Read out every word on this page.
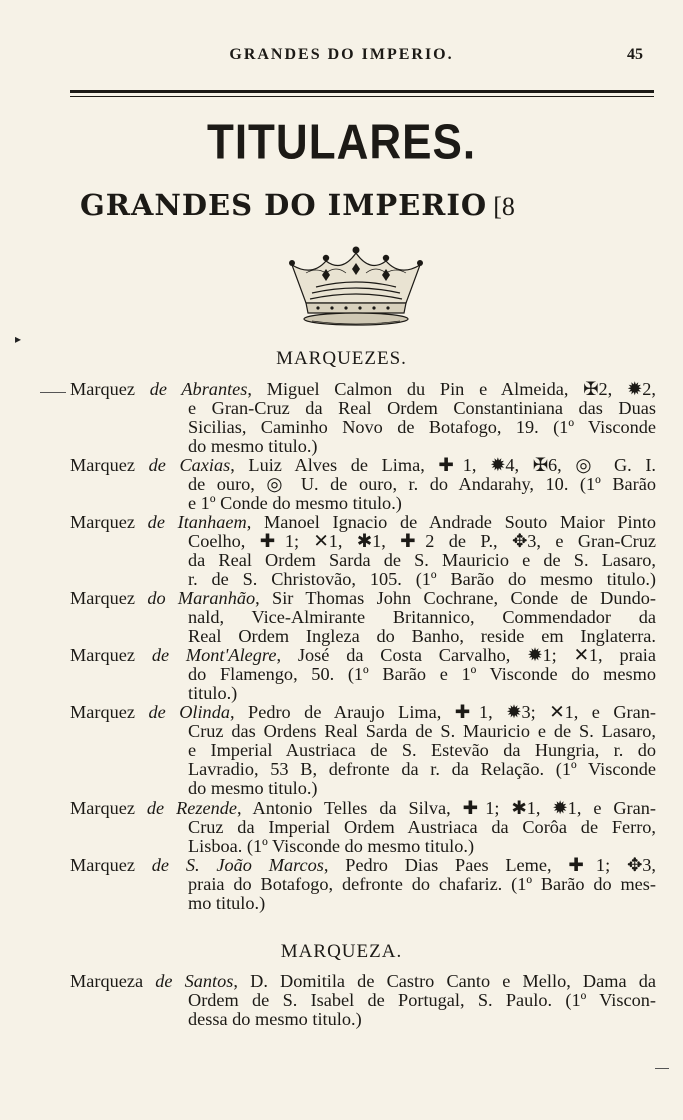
GRANDES DO IMPERIO.	45
TITULARES.
GRANDES DO IMPERIO [8
MARQUEZES.
Marquez de Abrantes, Miguel Calmon du Pin e Almeida, ✠2, ✹2,
e Gran-Cruz da Real Ordem Constantiniana das Duas
Sicilias, Caminho Novo de Botafogo, 19. (1º Visconde
do mesmo titulo.)
Marquez de Caxias, Luiz Alves de Lima, ✚1, ✹4, ✠6, ◎ G. I.
de ouro, ◎ U. de ouro, r. do Andarahy, 10. (1º Barão
e 1º Conde do mesmo titulo.)
Marquez de Itanhaem, Manoel Ignacio de Andrade Souto Maior Pinto
Coelho, ✚1; ✕1, ✱1, ✚2 de P., ✥3, e Gran-Cruz
da Real Ordem Sarda de S. Mauricio e de S. Lasaro,
r. de S. Christovão, 105. (1º Barão do mesmo titulo.)
Marquez do Maranhão, Sir Thomas John Cochrane, Conde de Dundo-
nald, Vice-Almirante Britannico, Commendador da
Real Ordem Ingleza do Banho, reside em Inglaterra.
Marquez de Mont'Alegre, José da Costa Carvalho, ✹1; ✕1, praia
do Flamengo, 50. (1º Barão e 1º Visconde do mesmo
titulo.)
Marquez de Olinda, Pedro de Araujo Lima, ✚1, ✹3; ✕1, e Gran-
Cruz das Ordens Real Sarda de S. Mauricio e de S. Lasaro,
e Imperial Austriaca de S. Estevão da Hungria, r. do
Lavradio, 53 B, defronte da r. da Relação. (1º Visconde
do mesmo titulo.)
Marquez de Rezende, Antonio Telles da Silva, ✚1; ✱1, ✹1, e Gran-
Cruz da Imperial Ordem Austriaca da Corôa de Ferro,
Lisboa. (1º Visconde do mesmo titulo.)
Marquez de S. João Marcos, Pedro Dias Paes Leme, ✚1; ✥3,
praia do Botafogo, defronte do chafariz. (1º Barão do mes-
mo titulo.)
Marqueza de Santos, D. Domitila de Castro Canto e Mello, Dama da
Ordem de S. Isabel de Portugal, S. Paulo. (1º Viscon-
dessa do mesmo titulo.)
MARQUEZA.
▸
